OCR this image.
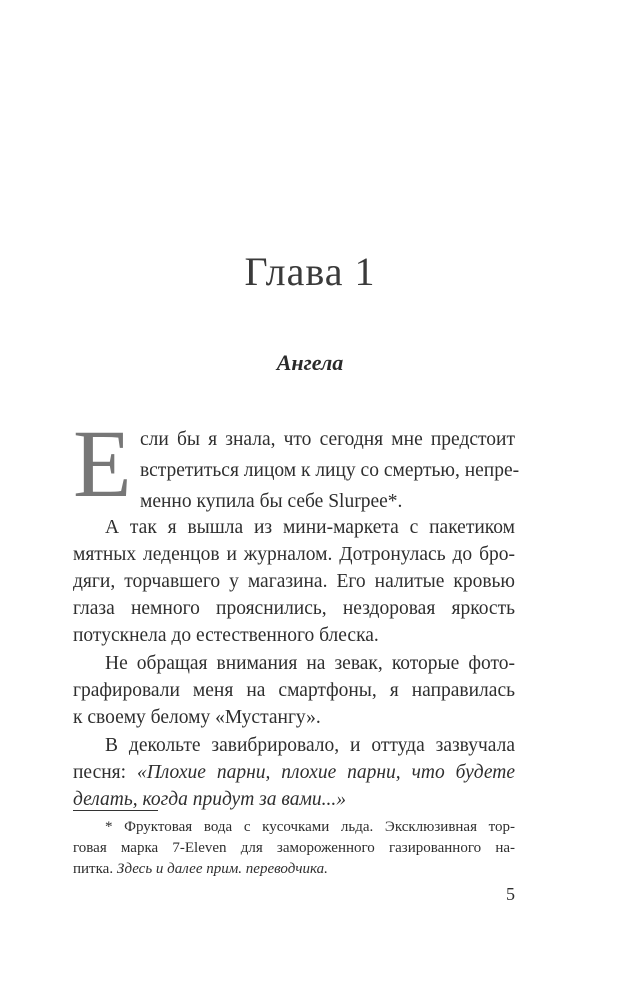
Глава 1
Ангела
Е сли бы я знала, что сегодня мне предстоит
встретиться лицом к лицу со смертью, непре-
менно купила бы себе Slurpee*.
А так я вышла из мини-маркета с пакетиком
мятных леденцов и журналом. Дотронулась до бро-
дяги, торчавшего у магазина. Его налитые кровью
глаза немного прояснились, нездоровая яркость
потускнела до естественного блеска.
Не обращая внимания на зевак, которые фото-
графировали меня на смартфоны, я направилась
к своему белому «Мустангу».
В декольте завибрировало, и оттуда зазвучала
песня: «Плохие парни, плохие парни, что будете
делать, когда придут за вами...»
* Фруктовая вода с кусочками льда. Эксклюзивная тор-
говая марка 7-Eleven для замороженного газированного на-
питка. Здесь и далее прим. переводчика.
5
